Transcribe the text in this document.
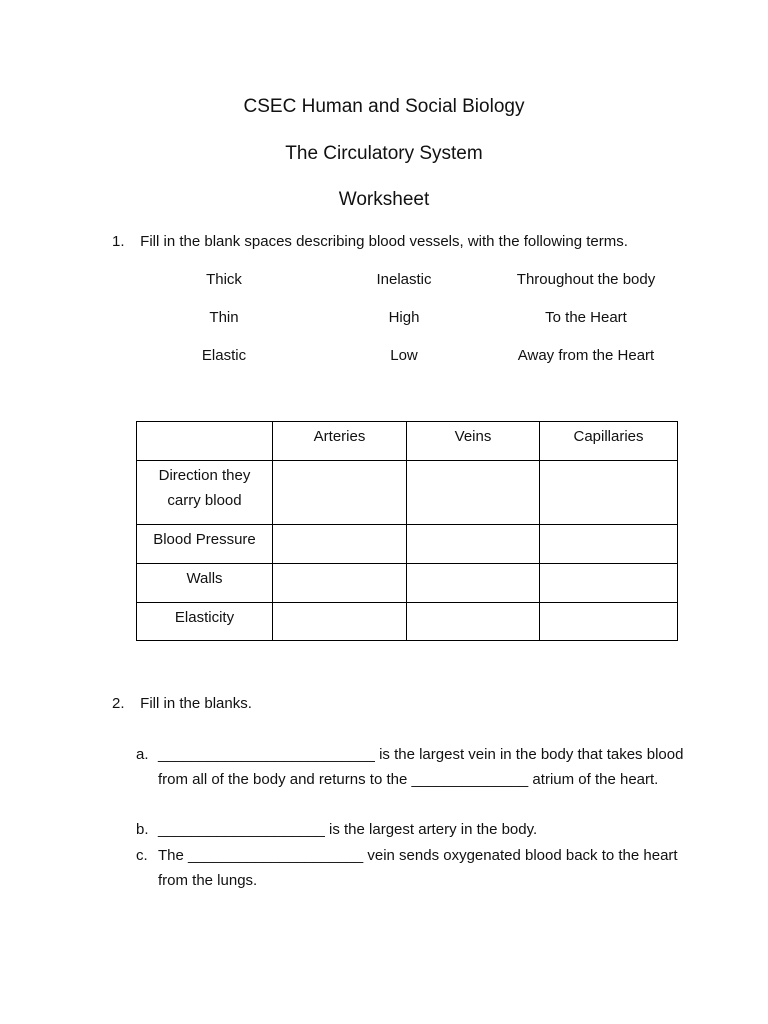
CSEC Human and Social Biology
The Circulatory System
Worksheet
1. Fill in the blank spaces describing blood vessels, with the following terms.
Thick	Inelastic	Throughout the body
Thin	High	To the Heart
Elastic	Low	Away from the Heart
	Arteries	Veins	Capillaries
Direction they carry blood			
Blood Pressure			
Walls			
Elasticity			
2. Fill in the blanks.
a. __________________________ is the largest vein in the body that takes blood from all of the body and returns to the ______________ atrium of the heart.
b. ____________________ is the largest artery in the body.
c. The _____________________ vein sends oxygenated blood back to the heart from the lungs.
